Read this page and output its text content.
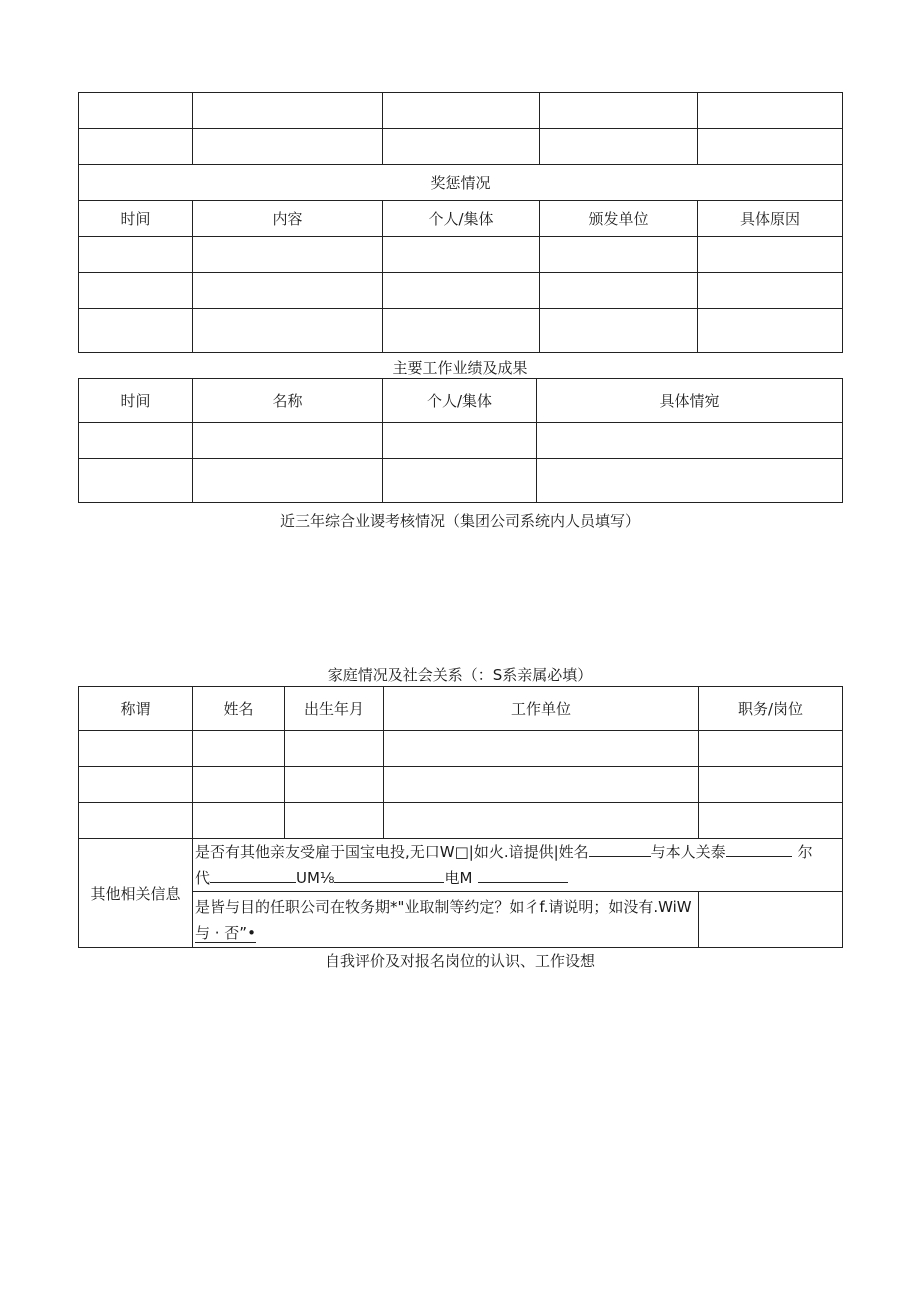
奖惩情况				
时间	内容	个人/集体	颁发单位	具体原因

主要工作业绩及成果
时间	名称	个人/集体	具体情宛

近三年综合业谡考核情况（集团公司系统内人员填写）
家庭情况及社会关系（：S系亲属必填）
称谓	姓名	出生年月	工作单位	职务/岗位

其他相关信息	是否有其他亲友受雇于国宝电投,无口W□|如火.谙提供|姓名 与本人关泰 尔
代 UM⅛ 电M			

	是皆与目的任职公司在牧务期*"业取制等约定？如彳f.请说明；如没有.WiW
与 · 否”•			

自我评价及对报名岗位的认识、工作设想
